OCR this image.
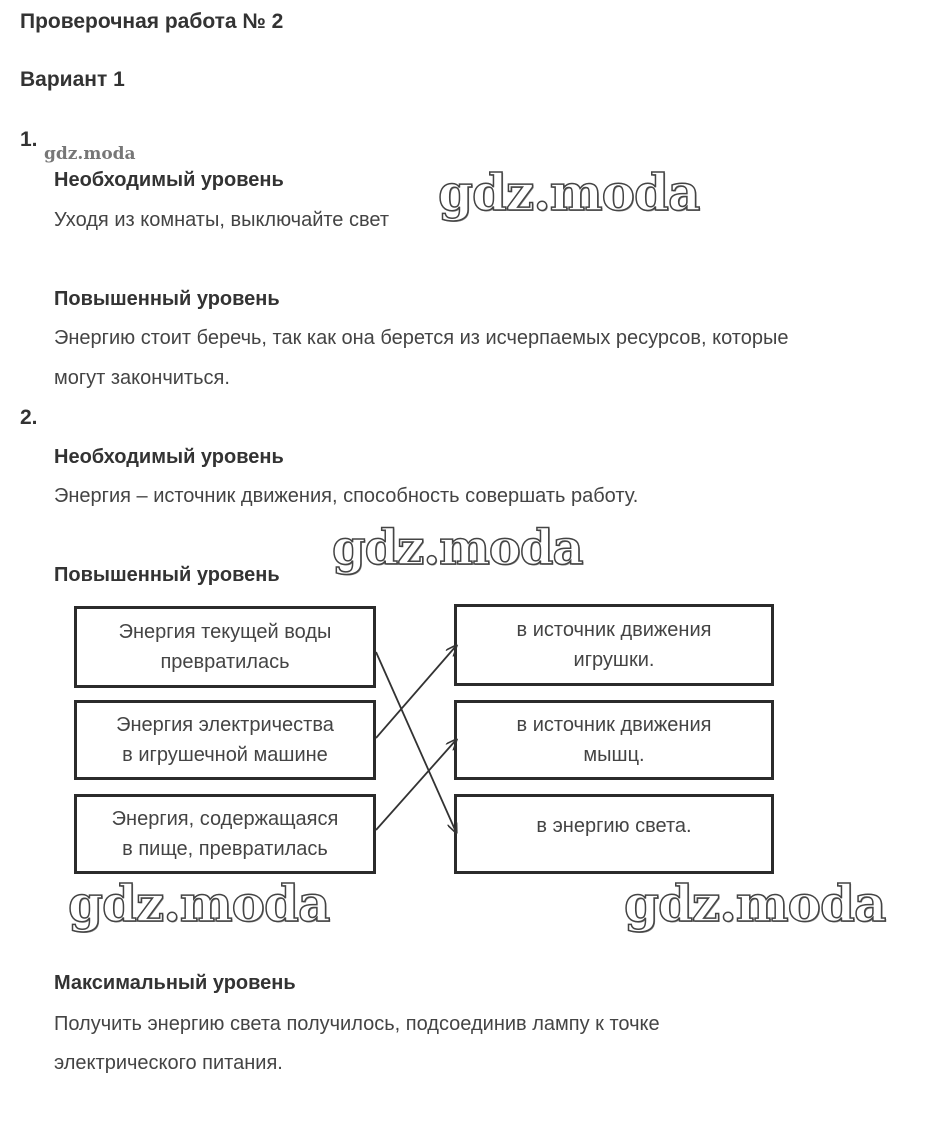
Проверочная работа № 2
Вариант 1
1.
gdz.moda
Необходимый уровень
Уходя из комнаты, выключайте свет gdz.moda
Повышенный уровень
Энергию стоит беречь, так как она берется из исчерпаемых ресурсов, которые
могут закончиться.
2.
Необходимый уровень
Энергия – источник движения, способность совершать работу.
gdz.moda
Повышенный уровень
Энергия текущей воды
превратилась
Энергия электричества
в игрушечной машине
Энергия, содержащаяся
в пище, превратилась
в источник движения
игрушки.
в источник движения
мышц.
в энергию света.
gdz.moda	gdz.moda
Максимальный уровень
Получить энергию света получилось, подсоединив лампу к точке
электрического питания.
